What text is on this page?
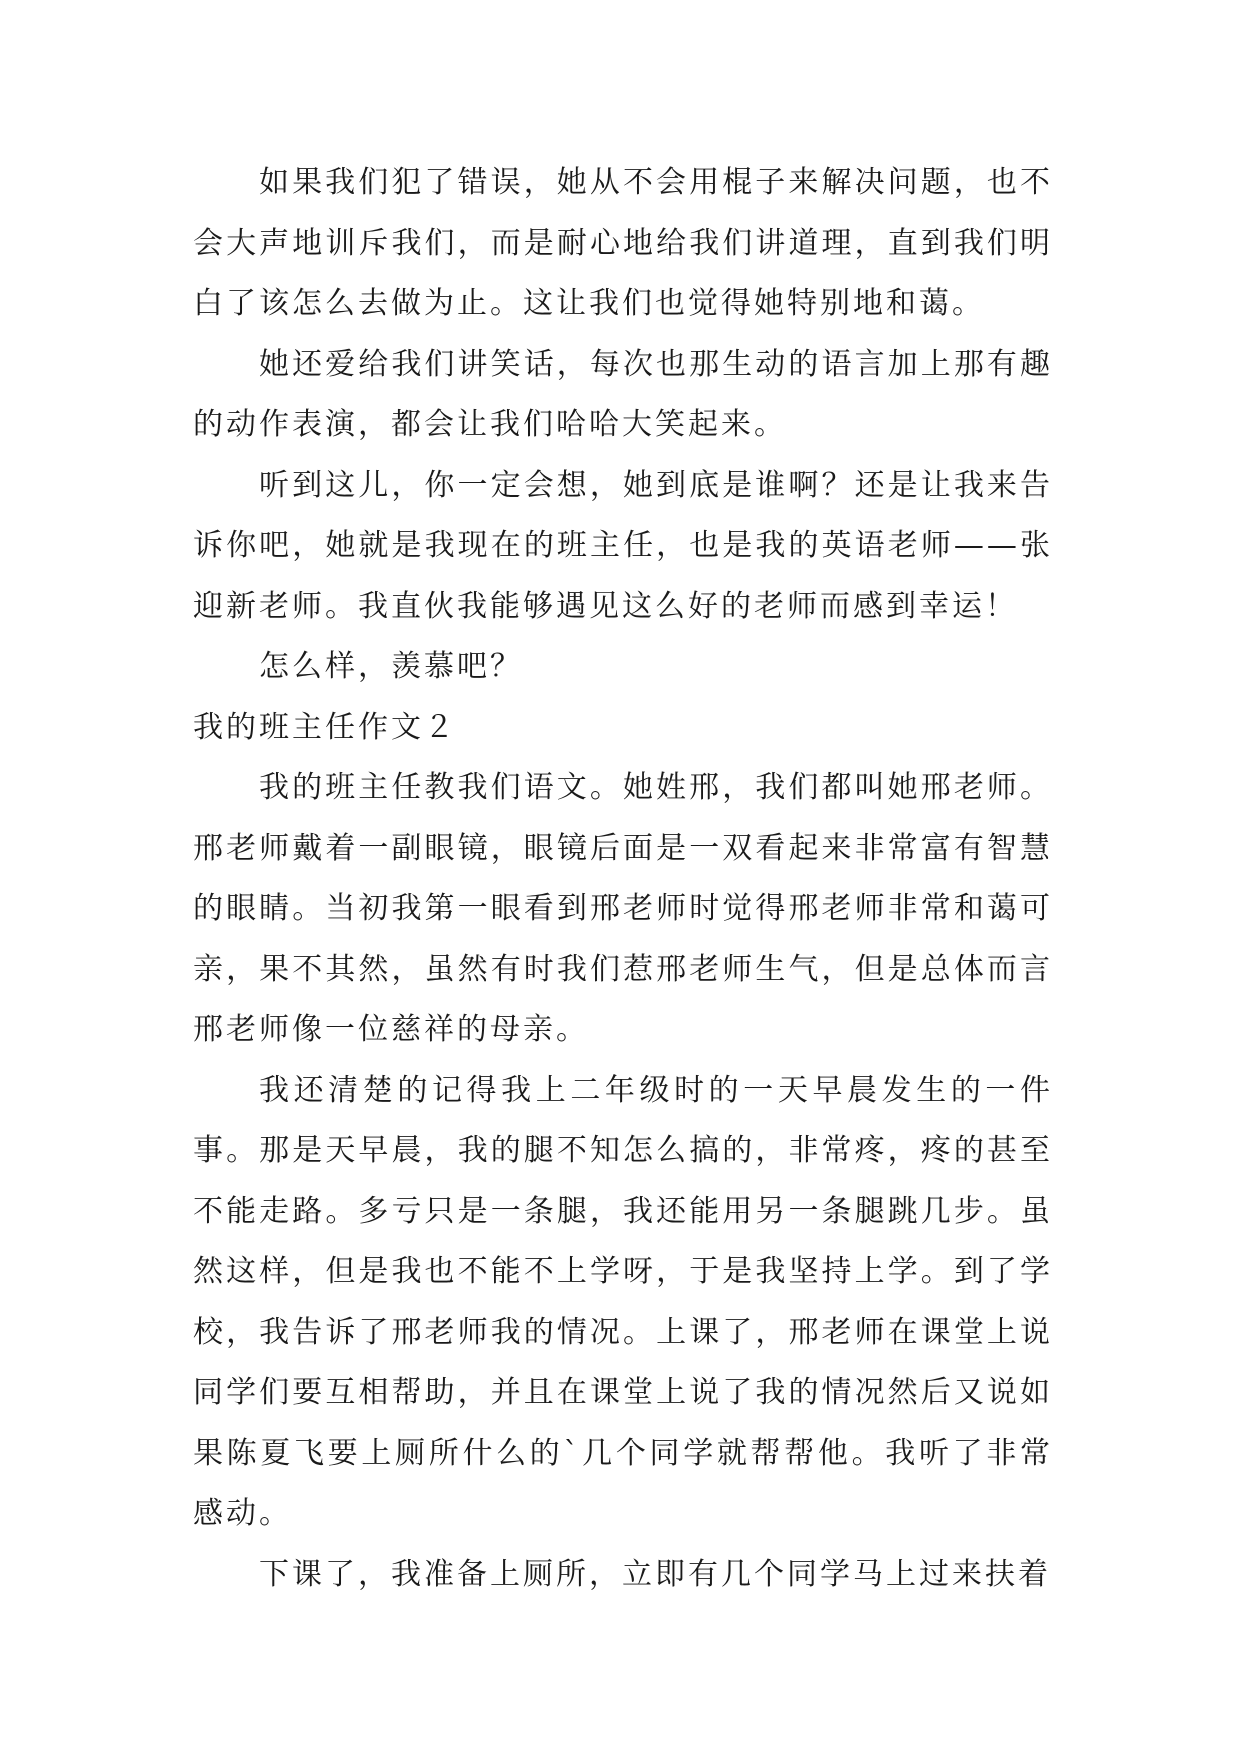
如果我们犯了错误，她从不会用棍子来解决问题，也不会大声地训斥我们，而是耐心地给我们讲道理，直到我们明白了该怎么去做为止。这让我们也觉得她特别地和蔼。

她还爱给我们讲笑话，每次也那生动的语言加上那有趣的动作表演，都会让我们哈哈大笑起来。

听到这儿，你一定会想，她到底是谁啊？还是让我来告诉你吧，她就是我现在的班主任，也是我的英语老师——张迎新老师。我直伙我能够遇见这么好的老师而感到幸运！

怎么样，羡慕吧？

我的班主任作文２

我的班主任教我们语文。她姓邢，我们都叫她邢老师。邢老师戴着一副眼镜，眼镜后面是一双看起来非常富有智慧的眼睛。当初我第一眼看到邢老师时觉得邢老师非常和蔼可亲，果不其然，虽然有时我们惹邢老师生气，但是总体而言邢老师像一位慈祥的母亲。

我还清楚的记得我上二年级时的一天早晨发生的一件事。那是天早晨，我的腿不知怎么搞的，非常疼，疼的甚至不能走路。多亏只是一条腿，我还能用另一条腿跳几步。虽然这样，但是我也不能不上学呀，于是我坚持上学。到了学校，我告诉了邢老师我的情况。上课了，邢老师在课堂上说同学们要互相帮助，并且在课堂上说了我的情况然后又说如果陈夏飞要上厕所什么的`几个同学就帮帮他。我听了非常感动。

下课了，我准备上厕所，立即有几个同学马上过来扶着
